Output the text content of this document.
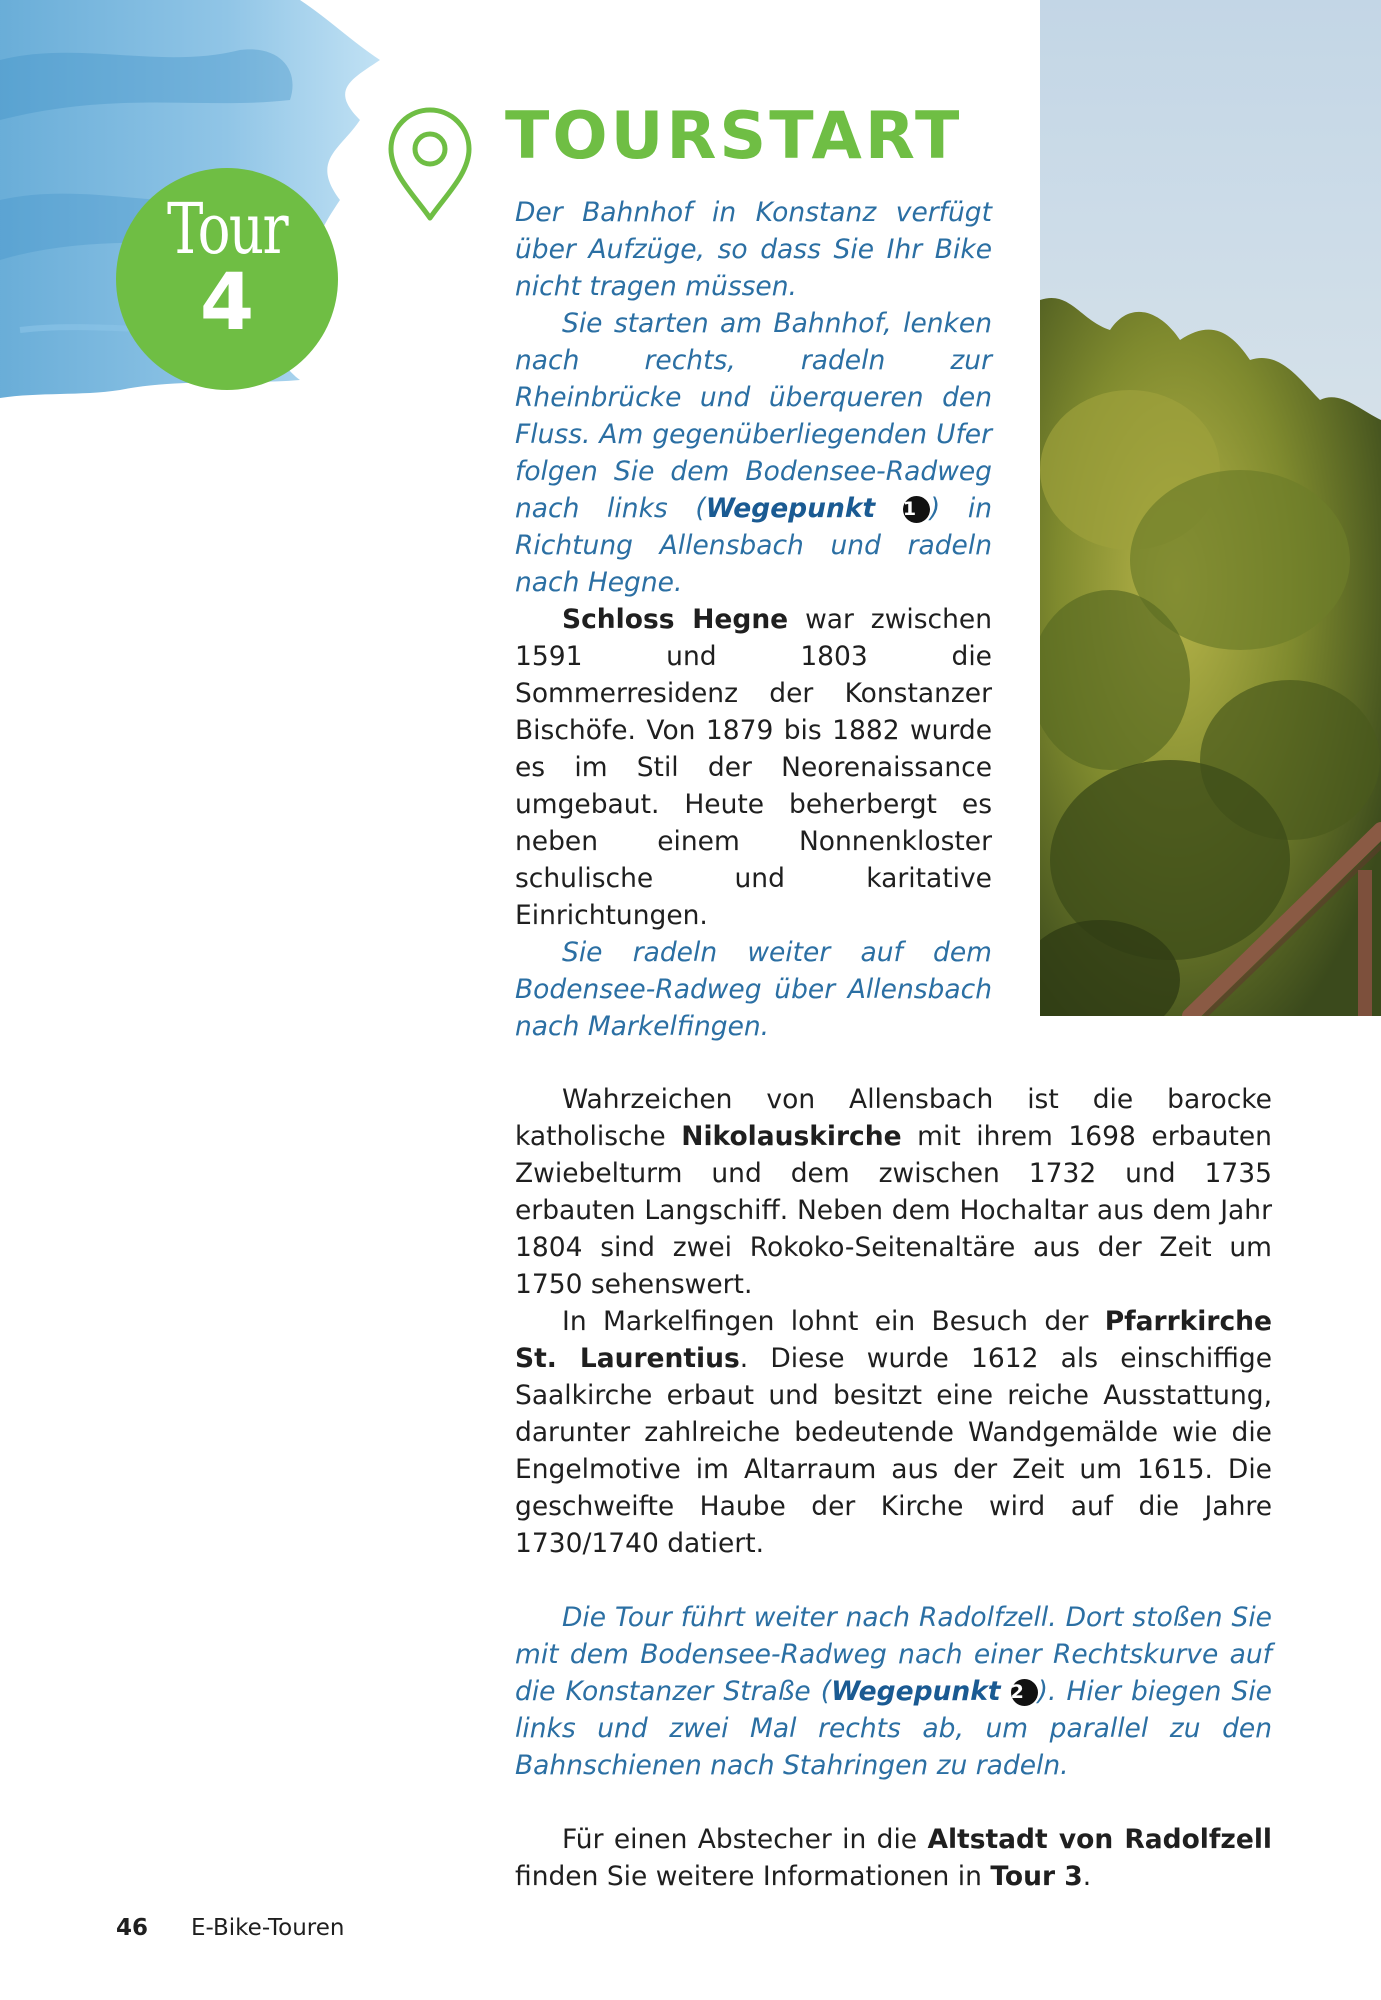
Tour
4
TOURSTART

Der Bahnhof in Konstanz verfügt über Aufzüge, so dass Sie Ihr Bike nicht tragen müssen.

Sie starten am Bahnhof, lenken nach rechts, radeln zur Rheinbrücke und überqueren den Fluss. Am gegenüberliegenden Ufer folgen Sie dem Bodensee-Radweg nach links (Wegepunkt 1 ) in Richtung Allensbach und radeln nach Hegne.

Schloss Hegne war zwischen 1591 und 1803 die Sommerresidenz der Konstanzer Bischöfe. Von 1879 bis 1882 wurde es im Stil der Neorenaissance umgebaut. Heute beherbergt es neben einem Nonnenkloster schulische und karitative Einrichtungen.

Sie radeln weiter auf dem Bodensee-Radweg über Allensbach nach Markelfingen.

Wahrzeichen von Allensbach ist die barocke katholische Nikolauskirche mit ihrem 1698 erbauten Zwiebelturm und dem zwischen 1732 und 1735 erbauten Langschiff. Neben dem Hochaltar aus dem Jahr 1804 sind zwei Rokoko-Seitenaltäre aus der Zeit um 1750 sehenswert.

In Markelfingen lohnt ein Besuch der Pfarrkirche St. Laurentius. Diese wurde 1612 als einschiffige Saalkirche erbaut und besitzt eine reiche Ausstattung, darunter zahlreiche bedeutende Wandgemälde wie die Engelmotive im Altarraum aus der Zeit um 1615. Die geschweifte Haube der Kirche wird auf die Jahre 1730/1740 datiert.

Die Tour führt weiter nach Radolfzell. Dort stoßen Sie mit dem Bodensee-Radweg nach einer Rechtskurve auf die Konstanzer Straße (Wegepunkt 2 ). Hier biegen Sie links und zwei Mal rechts ab, um parallel zu den Bahnschienen nach Stahringen zu radeln.

Für einen Abstecher in die Altstadt von Radolfzell finden Sie weitere Informationen in Tour 3.

46 E-Bike-Touren
